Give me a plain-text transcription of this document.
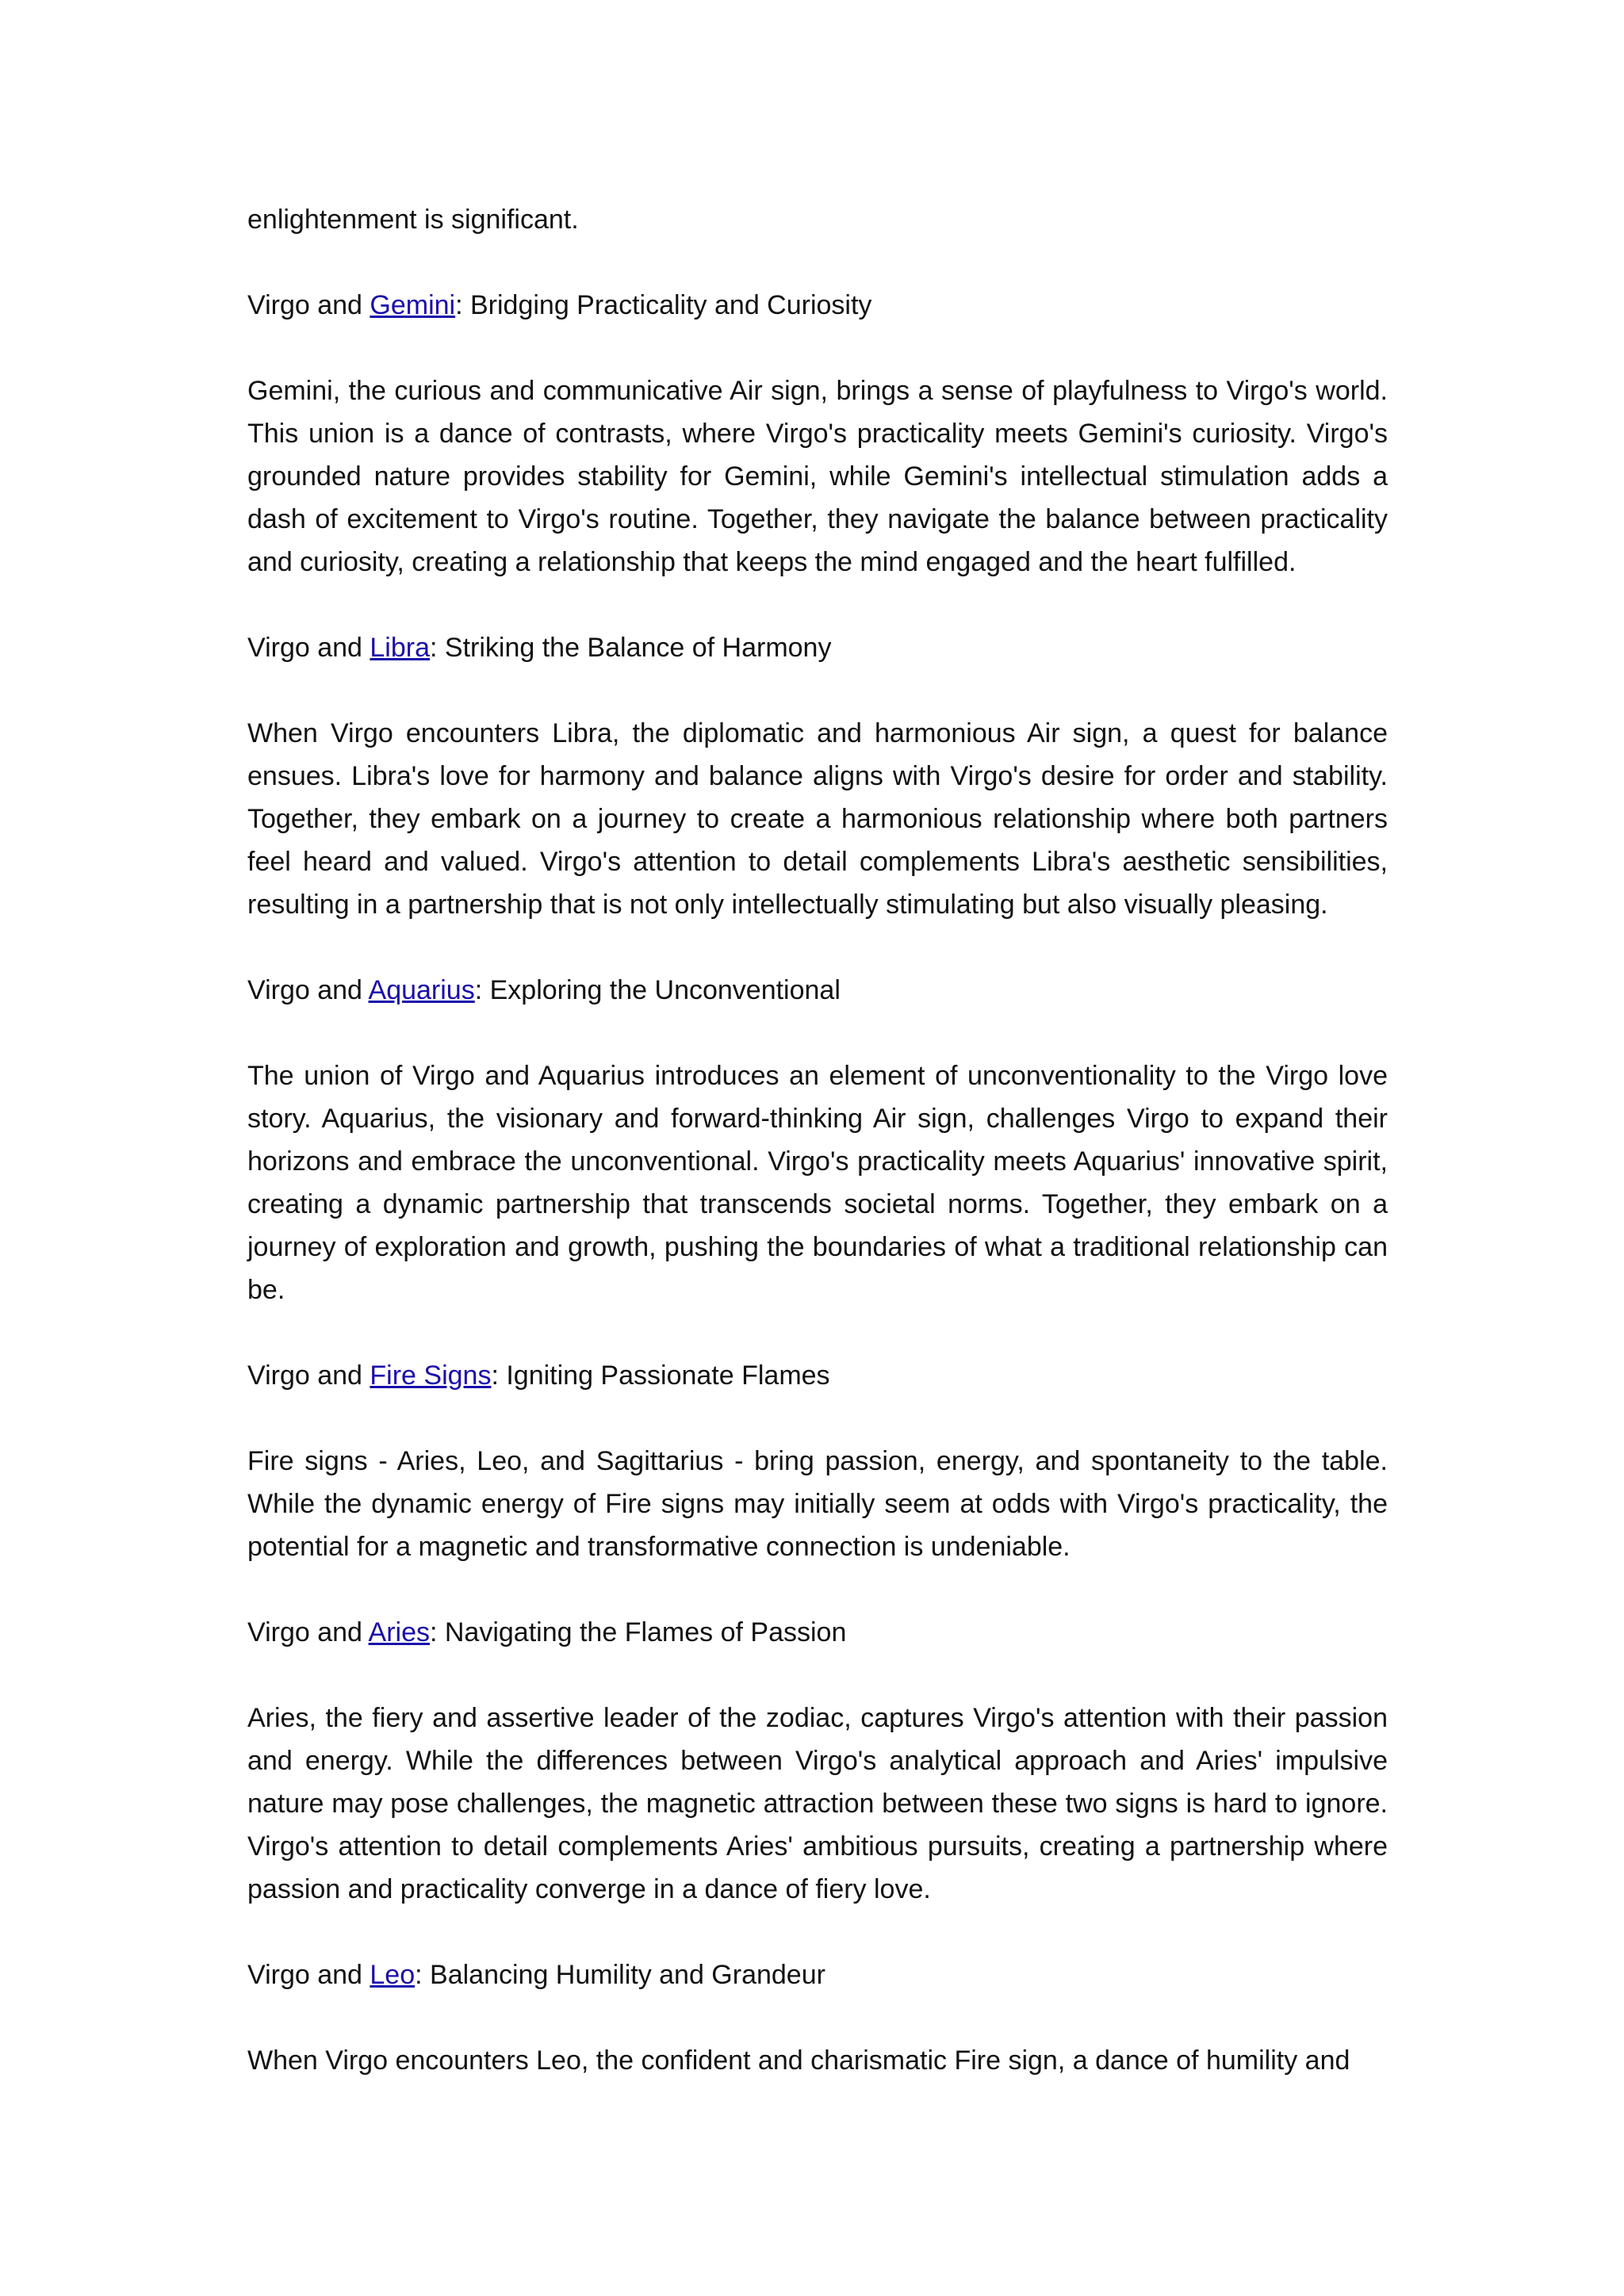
enlightenment is significant.

Virgo and Gemini: Bridging Practicality and Curiosity

Gemini, the curious and communicative Air sign, brings a sense of playfulness to Virgo's world. This union is a dance of contrasts, where Virgo's practicality meets Gemini's curiosity. Virgo's grounded nature provides stability for Gemini, while Gemini's intellectual stimulation adds a dash of excitement to Virgo's routine. Together, they navigate the balance between practicality and curiosity, creating a relationship that keeps the mind engaged and the heart fulfilled.

Virgo and Libra: Striking the Balance of Harmony

When Virgo encounters Libra, the diplomatic and harmonious Air sign, a quest for balance ensues. Libra's love for harmony and balance aligns with Virgo's desire for order and stability. Together, they embark on a journey to create a harmonious relationship where both partners feel heard and valued. Virgo's attention to detail complements Libra's aesthetic sensibilities, resulting in a partnership that is not only intellectually stimulating but also visually pleasing.

Virgo and Aquarius: Exploring the Unconventional

The union of Virgo and Aquarius introduces an element of unconventionality to the Virgo love story. Aquarius, the visionary and forward-thinking Air sign, challenges Virgo to expand their horizons and embrace the unconventional. Virgo's practicality meets Aquarius' innovative spirit, creating a dynamic partnership that transcends societal norms. Together, they embark on a journey of exploration and growth, pushing the boundaries of what a traditional relationship can be.

Virgo and Fire Signs: Igniting Passionate Flames

Fire signs - Aries, Leo, and Sagittarius - bring passion, energy, and spontaneity to the table. While the dynamic energy of Fire signs may initially seem at odds with Virgo's practicality, the potential for a magnetic and transformative connection is undeniable.

Virgo and Aries: Navigating the Flames of Passion

Aries, the fiery and assertive leader of the zodiac, captures Virgo's attention with their passion and energy. While the differences between Virgo's analytical approach and Aries' impulsive nature may pose challenges, the magnetic attraction between these two signs is hard to ignore. Virgo's attention to detail complements Aries' ambitious pursuits, creating a partnership where passion and practicality converge in a dance of fiery love.

Virgo and Leo: Balancing Humility and Grandeur

When Virgo encounters Leo, the confident and charismatic Fire sign, a dance of humility and
